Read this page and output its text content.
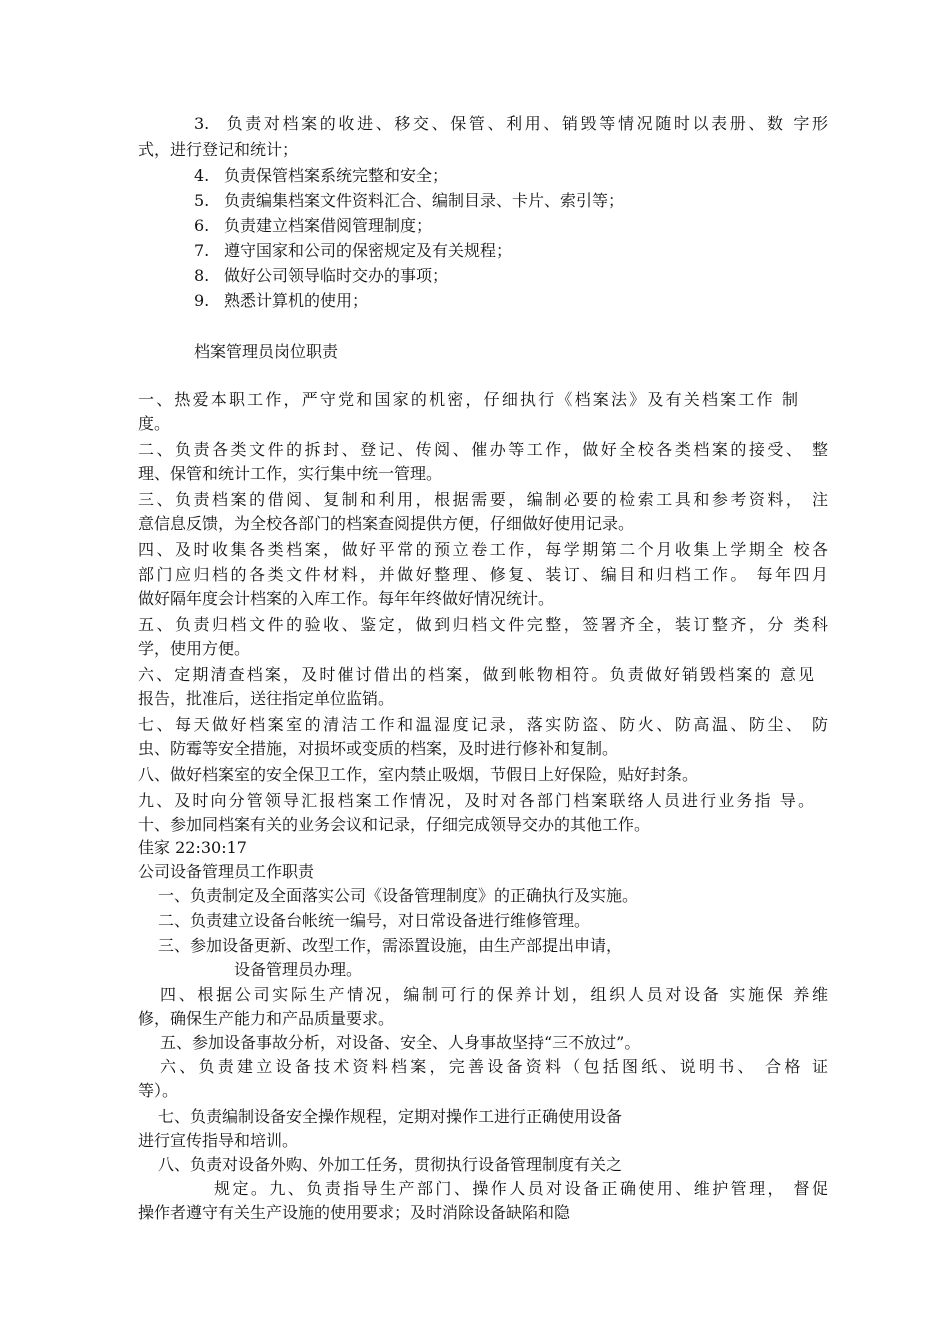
3. 负责对档案的收进、移交、保管、利用、销毁等情况随时以表册、数 字形
式，进行登记和统计；
4. 负责保管档案系统完整和安全；
5. 负责编集档案文件资料汇合、编制目录、卡片、索引等；
6. 负责建立档案借阅管理制度；
7. 遵守国家和公司的保密规定及有关规程；
8. 做好公司领导临时交办的事项；
9. 熟悉计算机的使用；
档案管理员岗位职责
一、热爱本职工作，严守党和国家的机密，仔细执行《档案法》及有关档案工作 制
度。
二、负责各类文件的拆封、登记、传阅、催办等工作，做好全校各类档案的接受、 整
理、保管和统计工作，实行集中统一管理。
三、负责档案的借阅、复制和利用，根据需要，编制必要的检索工具和参考资料， 注
意信息反馈，为全校各部门的档案查阅提供方便，仔细做好使用记录。
四、及时收集各类档案，做好平常的预立卷工作，每学期第二个月收集上学期全 校各
部门应归档的各类文件材料，并做好整理、修复、装订、编目和归档工作。 每年四月
做好隔年度会计档案的入库工作。每年年终做好情况统计。
五、负责归档文件的验收、鉴定，做到归档文件完整，签署齐全，装订整齐，分 类科
学，使用方便。
六、定期清查档案，及时催讨借出的档案，做到帐物相符。负责做好销毁档案的 意见
报告，批准后，送往指定单位监销。
七、每天做好档案室的清洁工作和温湿度记录，落实防盗、防火、防高温、防尘、 防
虫、防霉等安全措施，对损坏或变质的档案，及时进行修补和复制。
八、做好档案室的安全保卫工作，室内禁止吸烟，节假日上好保险，贴好封条。
九、及时向分管领导汇报档案工作情况，及时对各部门档案联络人员进行业务指 导。
十、参加同档案有关的业务会议和记录，仔细完成领导交办的其他工作。
佳家 22:30:17
公司设备管理员工作职责
一、负责制定及全面落实公司《设备管理制度》的正确执行及实施。
二、负责建立设备台帐统一编号，对日常设备进行维修管理。
三、参加设备更新、改型工作，需添置设施，由生产部提出申请，
设备管理员办理。
四、根据公司实际生产情况，编制可行的保养计划，组织人员对设备 实施保 养维
修，确保生产能力和产品质量要求。
五、参加设备事故分析，对设备、安全、人身事故坚持“三不放过”。
六、负责建立设备技术资料档案，完善设备资料（包括图纸、说明书、 合格 证
等）。
七、负责编制设备安全操作规程，定期对操作工进行正确使用设备
进行宣传指导和培训。
八、负责对设备外购、外加工任务，贯彻执行设备管理制度有关之
规定。九、负责指导生产部门、操作人员对设备正确使用、维护管理， 督促
操作者遵守有关生产设施的使用要求；及时消除设备缺陷和隐
